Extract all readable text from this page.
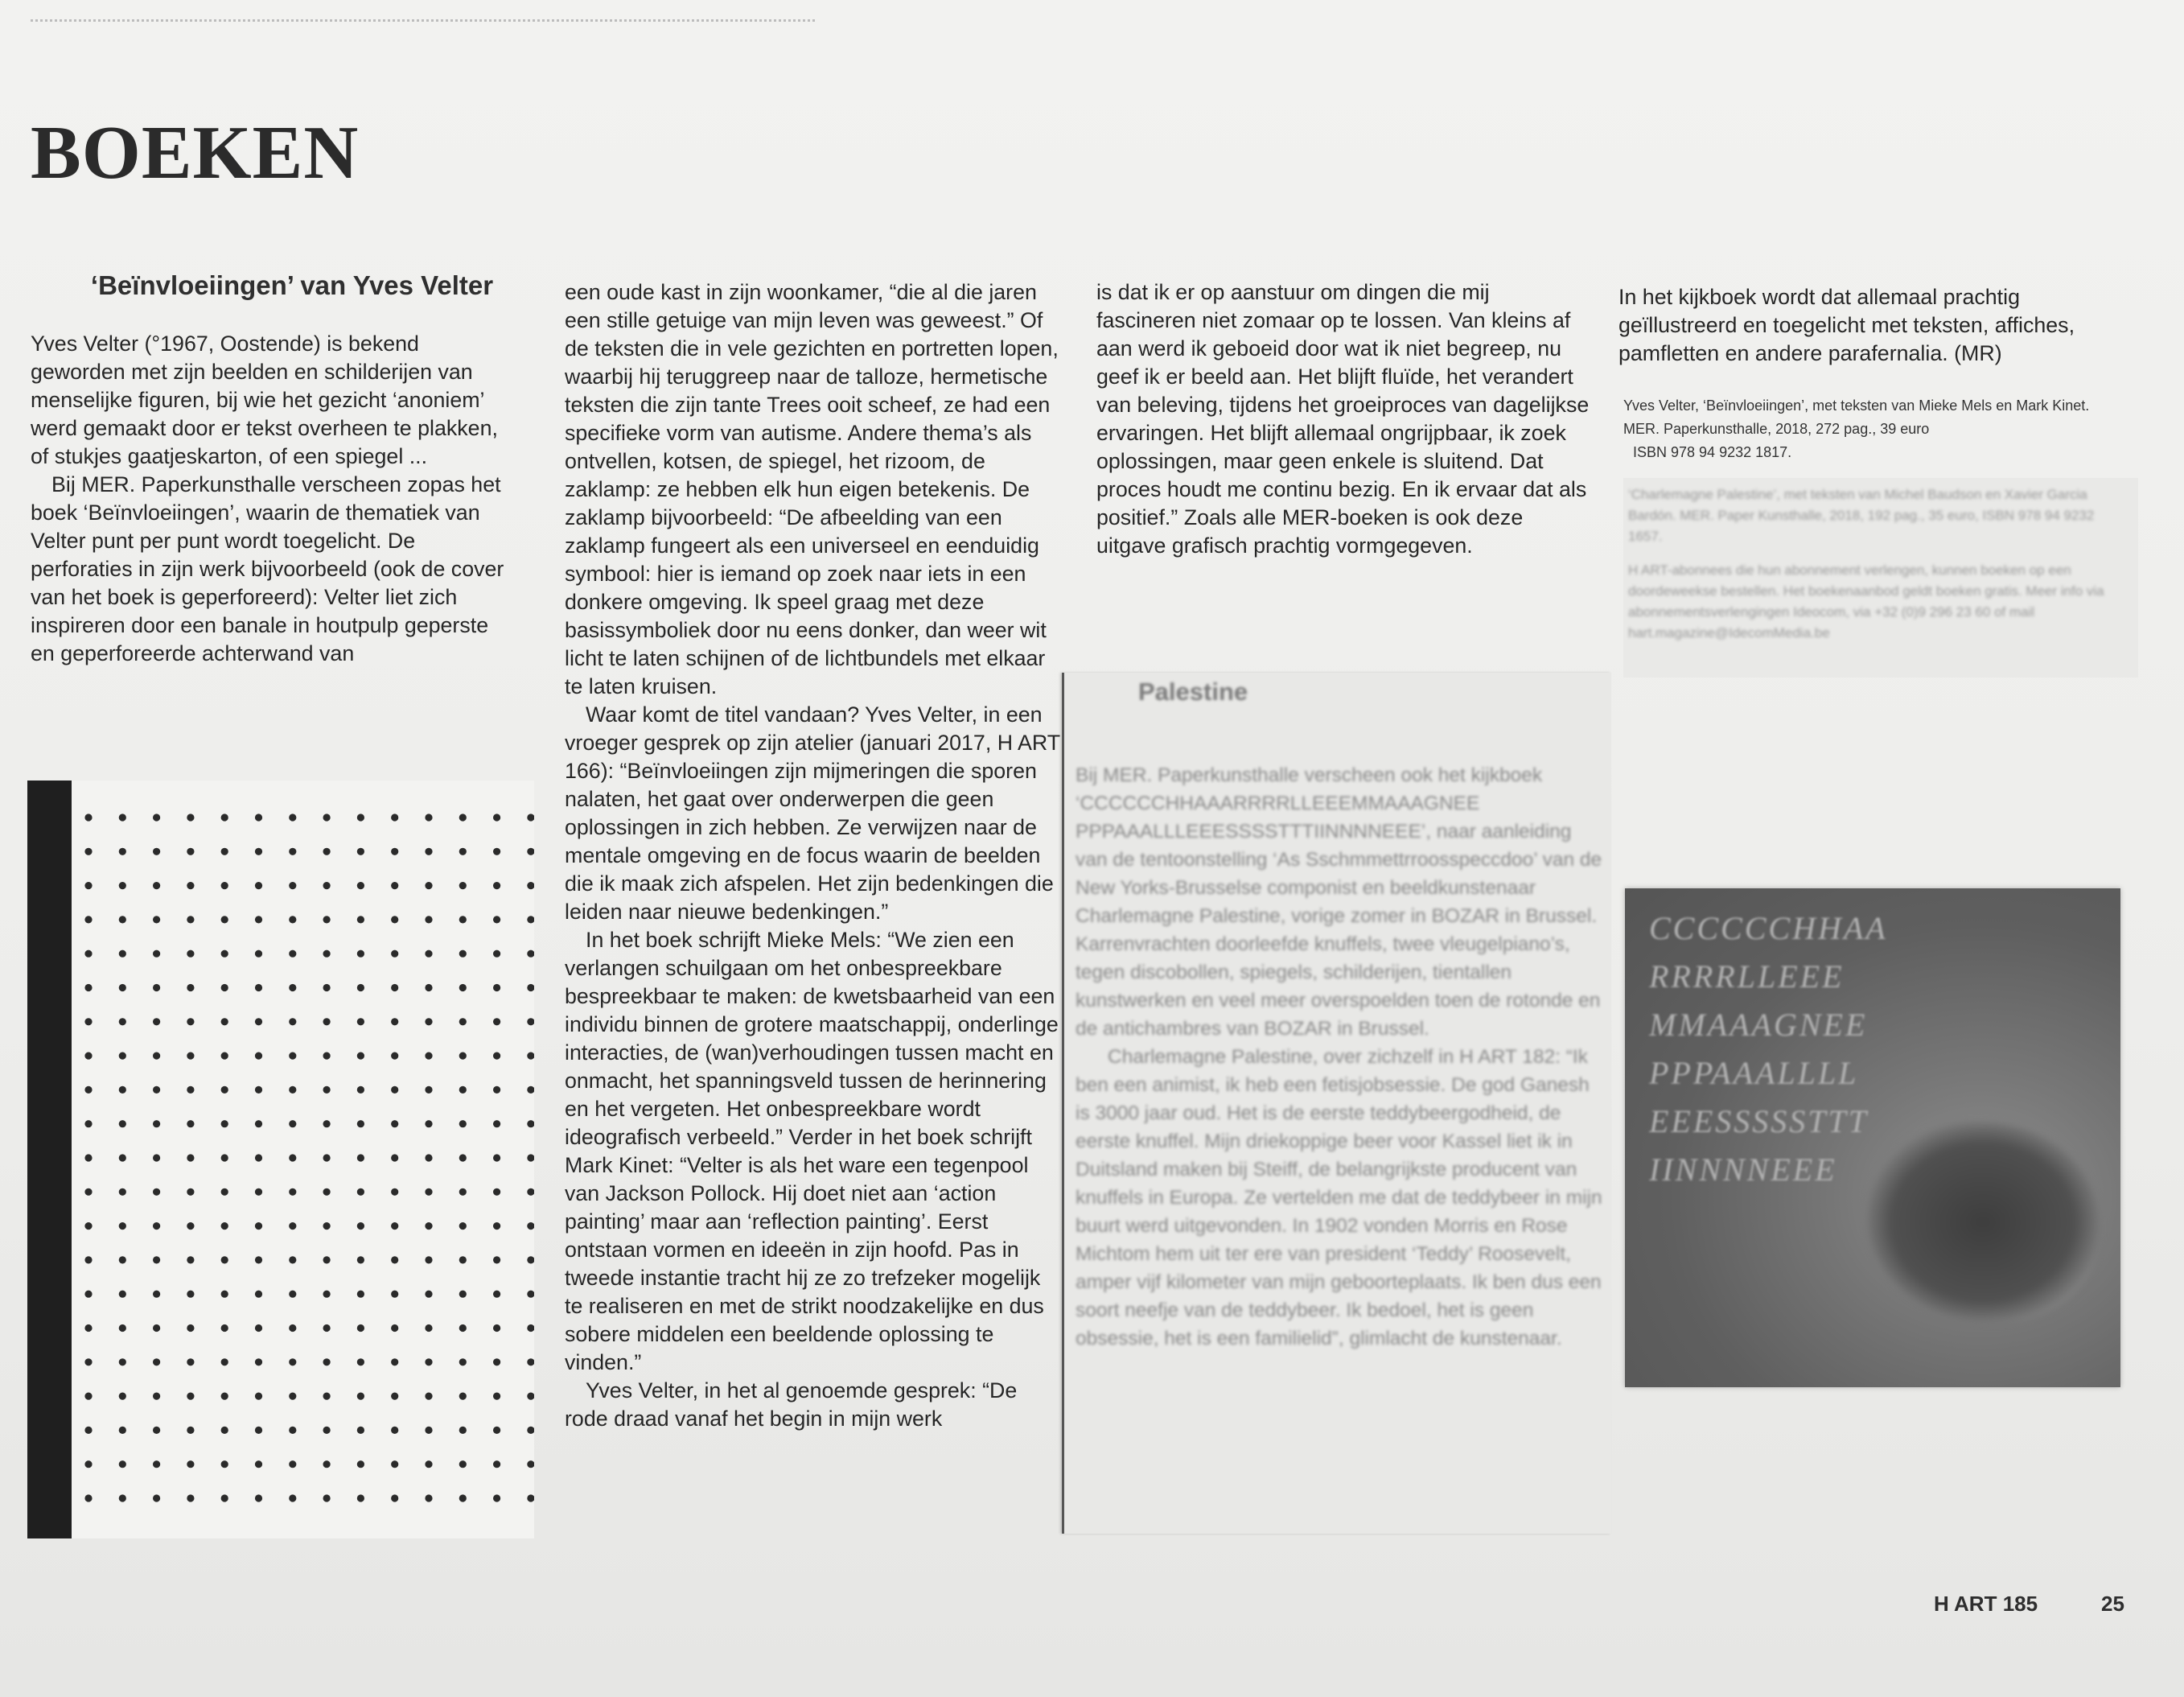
BOEKEN
‘Beïnvloeiingen’ van Yves Velter

Yves Velter (°1967, Oostende) is bekend geworden met zijn beelden en schilderijen van menselijke figuren, bij wie het gezicht ‘anoniem’ werd gemaakt door er tekst overheen te plakken, of stukjes gaatjeskarton, of een spiegel ...

Bij MER. Paperkunsthalle verscheen zopas het boek ‘Beïnvloeiingen’, waarin de thematiek van Velter punt per punt wordt toegelicht. De perforaties in zijn werk bijvoorbeeld (ook de cover van het boek is geperforeerd): Velter liet zich inspireren door een banale in houtpulp geperste en geperforeerde achterwand van

een oude kast in zijn woonkamer, “die al die jaren een stille getuige van mijn leven was geweest.” Of de teksten die in vele gezichten en portretten lopen, waarbij hij teruggreep naar de talloze, hermetische teksten die zijn tante Trees ooit scheef, ze had een specifieke vorm van autisme. Andere thema’s als ontvellen, kotsen, de spiegel, het rizoom, de zaklamp: ze hebben elk hun eigen betekenis. De zaklamp bijvoorbeeld: “De afbeelding van een zaklamp fungeert als een universeel en eenduidig symbool: hier is iemand op zoek naar iets in een donkere omgeving. Ik speel graag met deze basissymboliek door nu eens donker, dan weer wit licht te laten schijnen of de lichtbundels met elkaar te laten kruisen.

Waar komt de titel vandaan? Yves Velter, in een vroeger gesprek op zijn atelier (januari 2017, H ART 166): “Beïnvloeiingen zijn mijmeringen die sporen nalaten, het gaat over onderwerpen die geen oplossingen in zich hebben. Ze verwijzen naar de mentale omgeving en de focus waarin de beelden die ik maak zich afspelen. Het zijn bedenkingen die leiden naar nieuwe bedenkingen.”

In het boek schrijft Mieke Mels: “We zien een verlangen schuilgaan om het onbespreekbare bespreekbaar te maken: de kwetsbaarheid van een individu binnen de grotere maatschappij, onderlinge interacties, de (wan)verhoudingen tussen macht en onmacht, het spanningsveld tussen de herinnering en het vergeten. Het onbespreekbare wordt ideografisch verbeeld.” Verder in het boek schrijft Mark Kinet: “Velter is als het ware een tegenpool van Jackson Pollock. Hij doet niet aan ‘action painting’ maar aan ‘reflection painting’. Eerst ontstaan vormen en ideeën in zijn hoofd. Pas in tweede instantie tracht hij ze zo trefzeker mogelijk te realiseren en met de strikt noodzakelijke en dus sobere middelen een beeldende oplossing te vinden.”

Yves Velter, in het al genoemde gesprek: “De rode draad vanaf het begin in mijn werk

is dat ik er op aanstuur om dingen die mij fascineren niet zomaar op te lossen. Van kleins af aan werd ik geboeid door wat ik niet begreep, nu geef ik er beeld aan. Het blijft fluïde, het verandert van beleving, tijdens het groeiproces van dagelijkse ervaringen. Het blijft allemaal ongrijpbaar, ik zoek oplossingen, maar geen enkele is sluitend. Dat proces houdt me continu bezig. En ik ervaar dat als positief.” Zoals alle MER-boeken is ook deze uitgave grafisch prachtig vormgegeven.

In het kijkboek wordt dat allemaal prachtig geïllustreerd en toegelicht met teksten, affiches, pamfletten en andere parafernalia. (MR)

Yves Velter, ‘Beïnvloeiingen’, met teksten van Mieke Mels en Mark Kinet. MER. Paperkunsthalle, 2018, 272 pag., 39 euro
ISBN 978 94 9232 1817.

‘Charlemagne Palestine’, met teksten van Michel Baudson en Xavier Garcia Bardón. MER. Paper Kunsthalle, 2018, 192 pag., 35 euro, ISBN 978 94 9232 1657.

H ART-abonnees die hun abonnement verlengen, kunnen boeken op een doordeweekse bestellen. Het boekenaanbod geldt boeken gratis. Meer info via abonnementsverlengingen Ideocom, via +32 (0)9 296 23 60 of mail hart.magazine@IdecomMedia.be

Palestine

Bij MER. Paperkunsthalle verscheen ook het kijkboek ‘CCCCCCHHAAARRRRLLEEEMMAAAGNEE PPPAAALLLEEESSSSTTTIINNNNEEE’, naar aanleiding van de tentoonstelling ‘As Sschmmettrroosspeccdoo’ van de New Yorks-Brusselse componist en beeldkunstenaar Charlemagne Palestine, vorige zomer in BOZAR in Brussel. Karrenvrachten doorleefde knuffels, twee vleugelpiano’s, tegen discobollen, spiegels, schilderijen, tientallen kunstwerken en veel meer overspoelden toen de rotonde en de antichambres van BOZAR in Brussel.

Charlemagne Palestine, over zichzelf in H ART 182: “Ik ben een animist, ik heb een fetisjobsessie. De god Ganesh is 3000 jaar oud. Het is de eerste teddybeergodheid, de eerste knuffel. Mijn driekoppige beer voor Kassel liet ik in Duitsland maken bij Steiff, de belangrijkste producent van knuffels in Europa. Ze vertelden me dat de teddybeer in mijn buurt werd uitgevonden. In 1902 vonden Morris en Rose Michtom hem uit ter ere van president ‘Teddy’ Roosevelt, amper vijf kilometer van mijn geboorteplaats. Ik ben dus een soort neefje van de teddybeer. Ik bedoel, het is geen obsessie, het is een familielid”, glimlacht de kunstenaar.

CCCCCCHHAA
RRRRLLEEE
MMAAAGNEE
PPPAAALLLL
EEESSSSSTTT
IINNNNEEE
H ART 185	25
